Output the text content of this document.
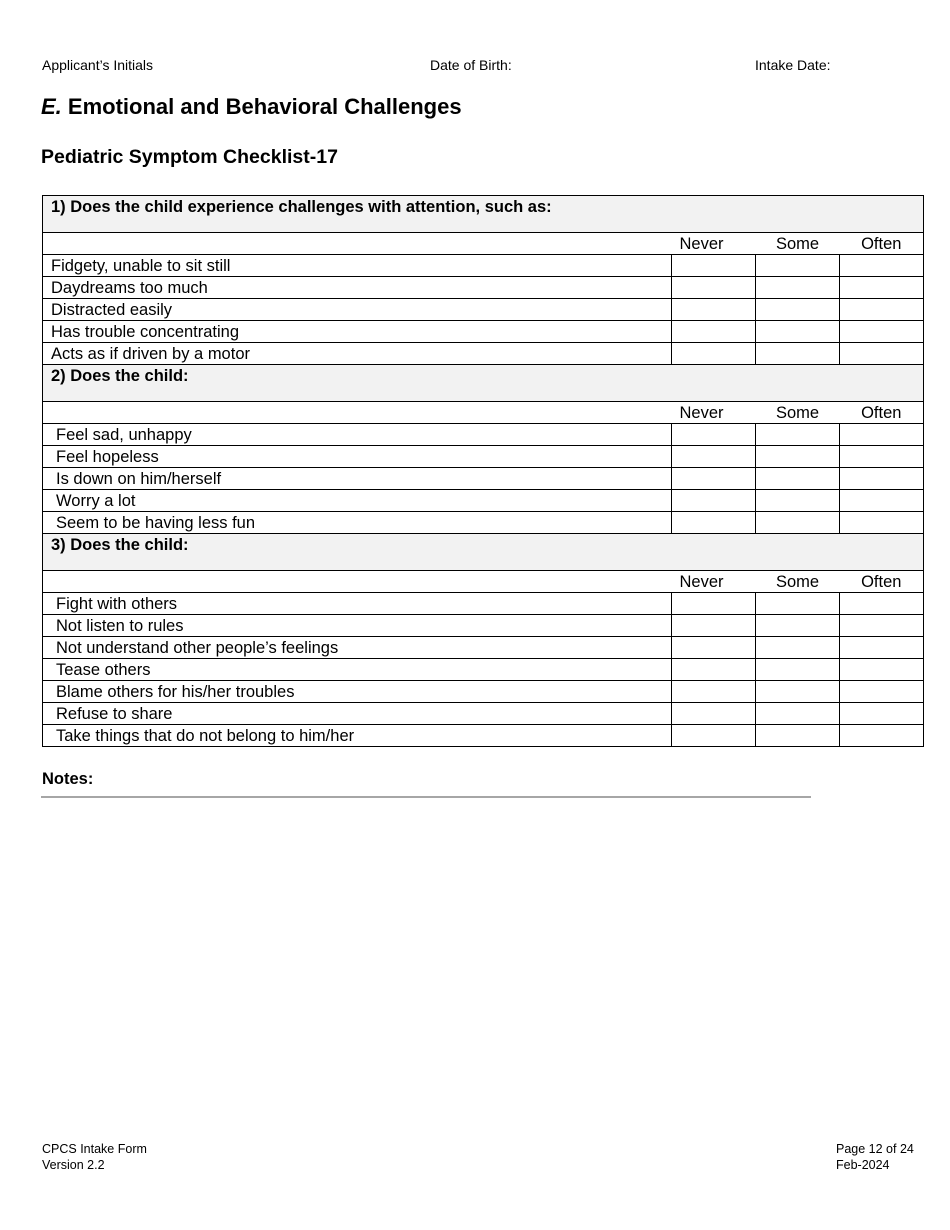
Applicant’s Initials	Date of Birth:	Intake Date:
E. Emotional and Behavioral Challenges
Pediatric Symptom Checklist-17
1) Does the child experience challenges with attention, such as:			
	Never	Some	Often
Fidgety, unable to sit still			
Daydreams too much			
Distracted easily			
Has trouble concentrating			
Acts as if driven by a motor			
2) Does the child:			
	Never	Some	Often
Feel sad, unhappy			
Feel hopeless			
Is down on him/herself			
Worry a lot			
Seem to be having less fun			
3) Does the child:			
	Never	Some	Often
Fight with others			
Not listen to rules			
Not understand other people’s feelings			
Tease others			
Blame others for his/her troubles			
Refuse to share			
Take things that do not belong to him/her			
Notes:
CPCS Intake Form
Version 2.2
Page 12 of 24
Feb-2024
